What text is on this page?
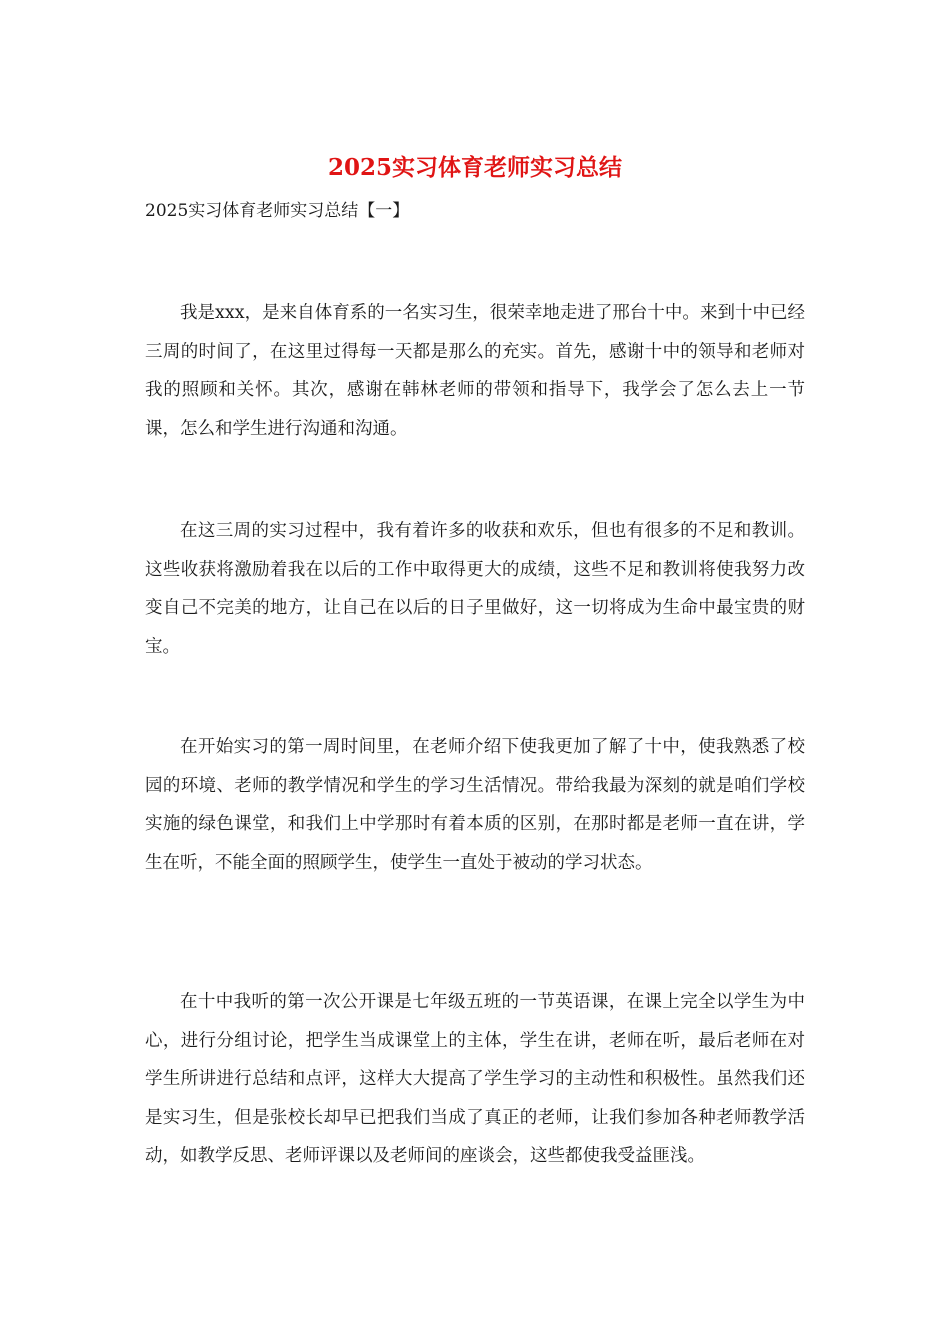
2025实习体育老师实习总结

2025实习体育老师实习总结【一】

我是xxx，是来自体育系的一名实习生，很荣幸地走进了邢台十中。来到十中已经三周的时间了，在这里过得每一天都是那么的充实。首先，感谢十中的领导和老师对我的照顾和关怀。其次，感谢在韩林老师的带领和指导下，我学会了怎么去上一节课，怎么和学生进行沟通和沟通。

在这三周的实习过程中，我有着许多的收获和欢乐，但也有很多的不足和教训。这些收获将激励着我在以后的工作中取得更大的成绩，这些不足和教训将使我努力改变自己不完美的地方，让自己在以后的日子里做好，这一切将成为生命中最宝贵的财宝。

在开始实习的第一周时间里，在老师介绍下使我更加了解了十中，使我熟悉了校园的环境、老师的教学情况和学生的学习生活情况。带给我最为深刻的就是咱们学校实施的绿色课堂，和我们上中学那时有着本质的区别，在那时都是老师一直在讲，学生在听，不能全面的照顾学生，使学生一直处于被动的学习状态。

在十中我听的第一次公开课是七年级五班的一节英语课，在课上完全以学生为中心，进行分组讨论，把学生当成课堂上的主体，学生在讲，老师在听，最后老师在对学生所讲进行总结和点评，这样大大提高了学生学习的主动性和积极性。虽然我们还是实习生，但是张校长却早已把我们当成了真正的老师，让我们参加各种老师教学活动，如教学反思、老师评课以及老师间的座谈会，这些都使我受益匪浅。
